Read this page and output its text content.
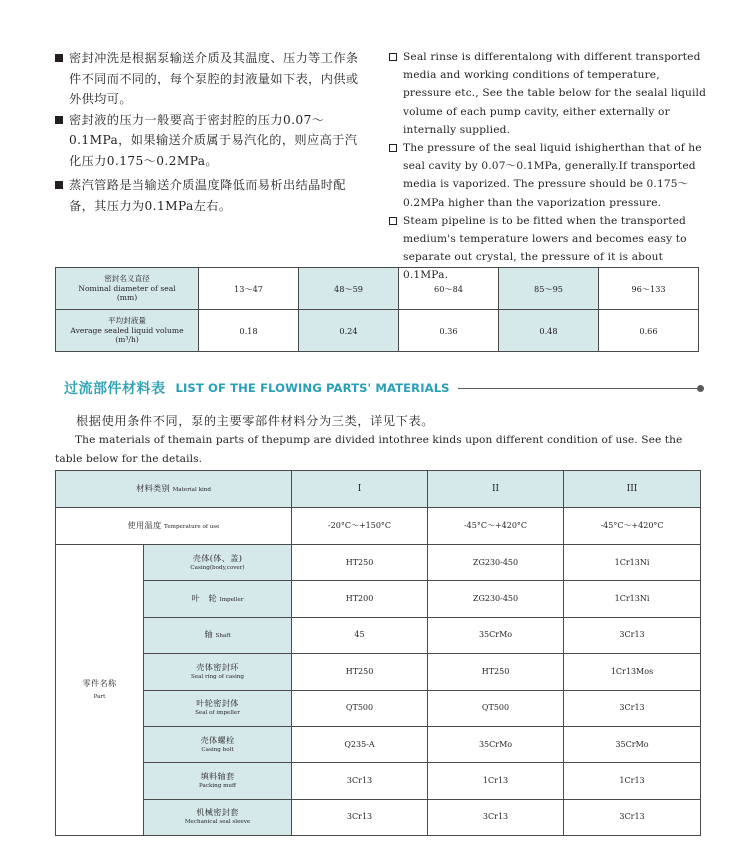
密封冲洗是根据泵输送介质及其温度、压力等工作条件不同而不同的，每个泵腔的封液量如下表，内供或外供均可。
密封液的压力一般要高于密封腔的压力0.07～0.1MPa，如果输送介质属于易汽化的，则应高于汽化压力0.175～0.2MPa。
蒸汽管路是当输送介质温度降低而易析出结晶时配备，其压力为0.1MPa左右。
Seal rinse is differentalong with different transported media and working conditions of temperature, pressure etc., See the table below for the sealal liquild volume of each pump cavity, either externally or internally supplied.
The pressure of the seal liquid ishigherthan that of he seal cavity by 0.07～0.1MPa, generally.If transported media is vaporized. The pressure should be 0.175～0.2MPa higher than the vaporization pressure.
Steam pipeline is to be fitted when the transported medium's temperature lowers and becomes easy to separate out crystal, the pressure of it is about 0.1MPa.
密封名义直径
Nominal diameter of seal
(mm)	13～47	48～59	60～84	85～95	96～133

平均封液量
Average sealed liquid volume
(m³/h)	0.18	0.24	0.36	0.48	0.66
过流部件材料表 LIST OF THE FLOWING PARTS' MATERIALS
根据使用条件不同，泵的主要零部件材料分为三类，详见下表。
The materials of themain parts of thepump are divided intothree kinds upon different condition of use. See the table below for the details.
材料类别 Material kind		I	II	III
使用温度 Temperature of use		-20°C～+150°C	-45°C～+420°C	-45°C～+420°C

零件名称
Part	壳体(体、盖)
Casing(body,cover)	HT250	ZG230-450	1Cr13Ni
	叶　轮 Impeller	HT200	ZG230-450	1Cr13Ni
	轴 Shaft	45	35CrMo	3Cr13

	壳体密封环
Seal ring of casing	HT250	HT250	1Cr13Mos

	叶轮密封体
Seal of impeller	QT500	QT500	3Cr13

	壳体螺栓
Casing bolt	Q235-A	35CrMo	35CrMo

	填料轴套
Packing muff	3Cr13	1Cr13	1Cr13

	机械密封套
Mechanical seal sleeve	3Cr13	3Cr13	3Cr13
